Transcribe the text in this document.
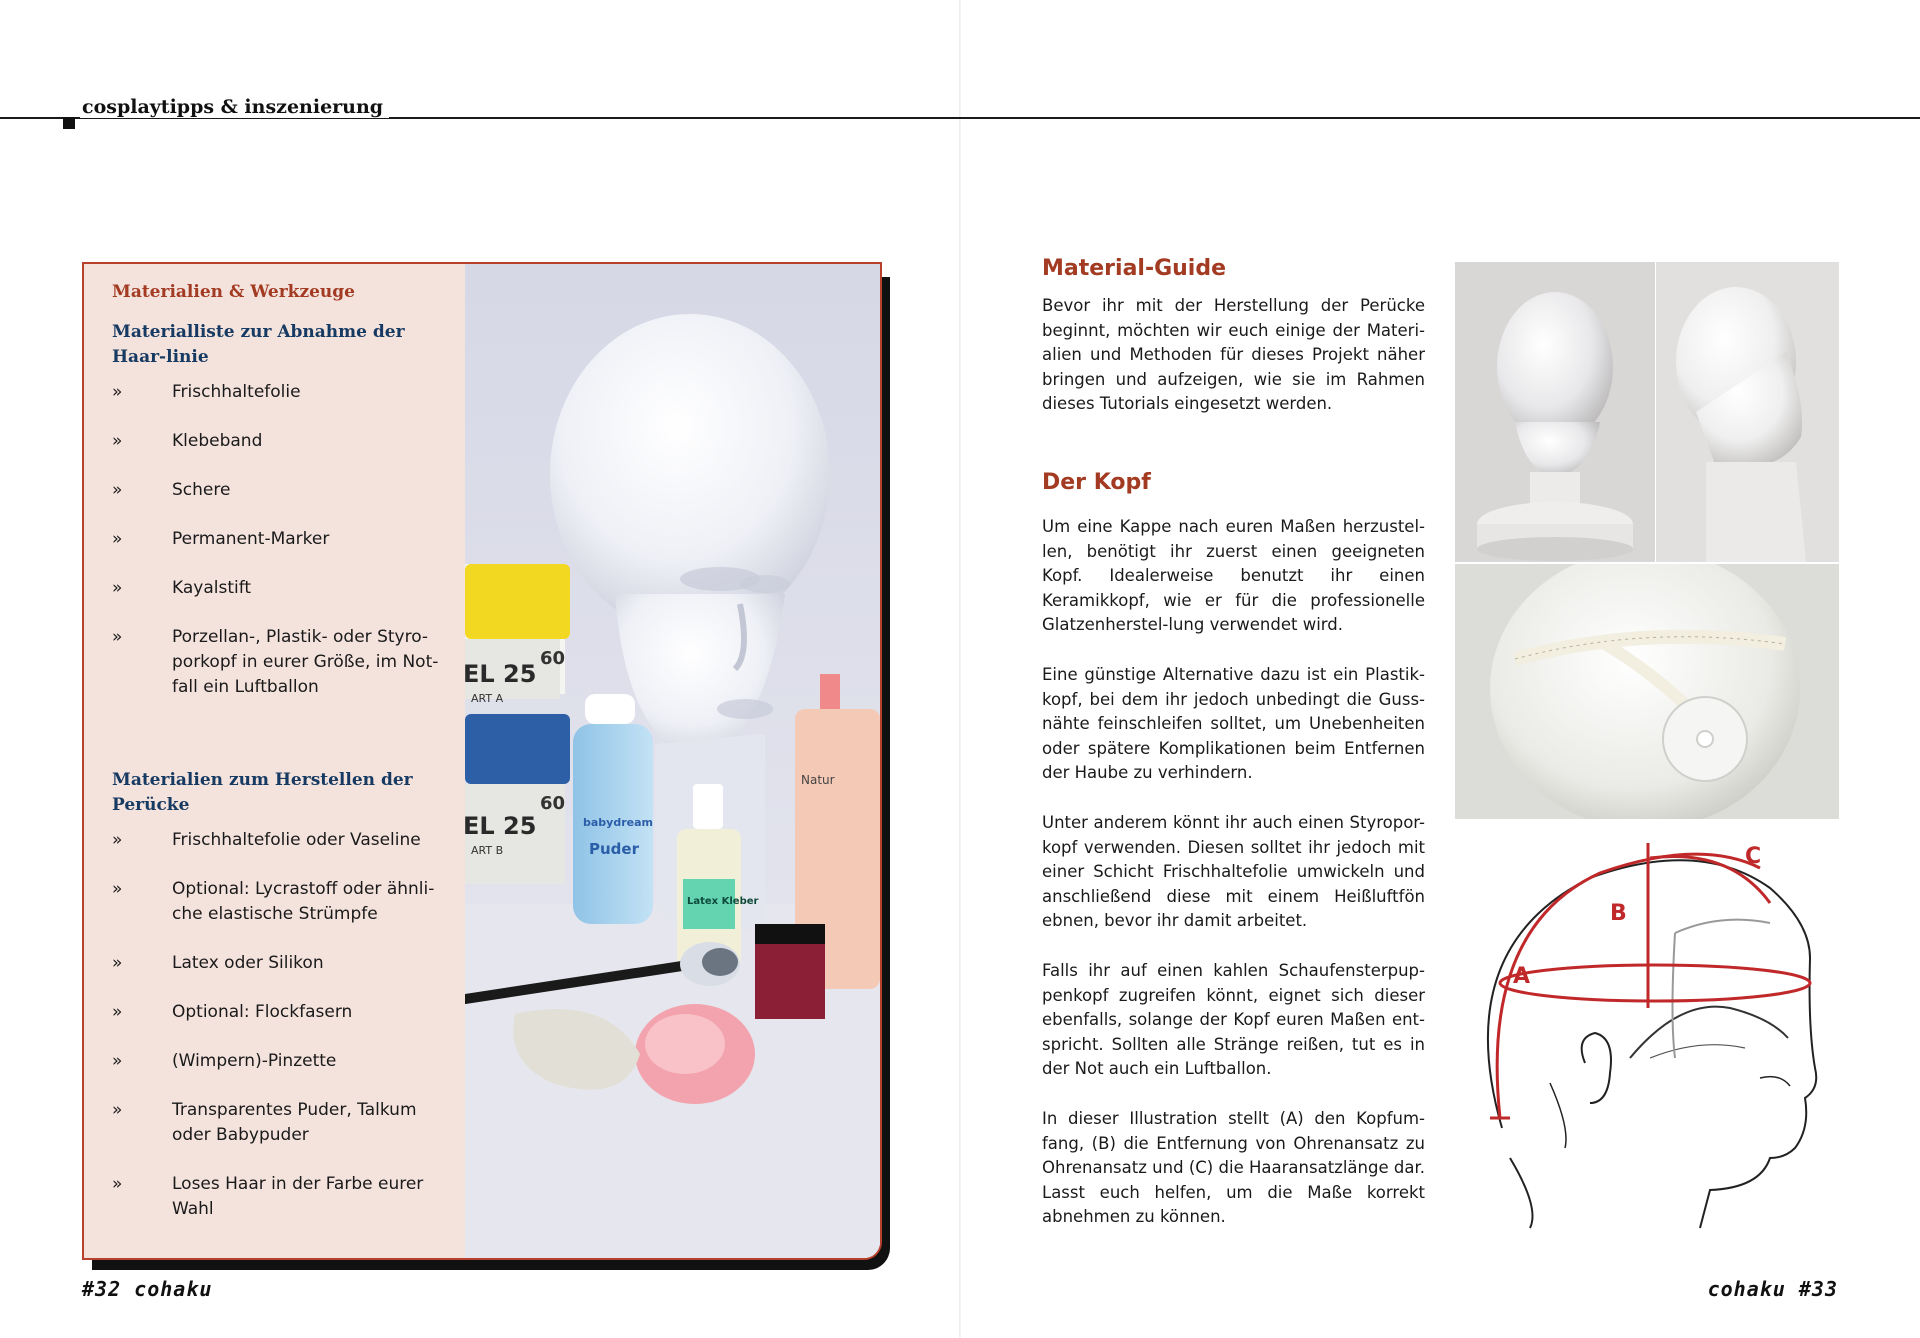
cosplaytipps & inszenierung
Materialien & Werkzeuge
Materialliste zur Abnahme der Haar-linie
»	Frischhaltefolie
»	Klebeband
»	Schere
»	Permanent-Marker
»	Kayalstift
»	Porzellan-, Plastik- oder Styro-porkopf in eurer Größe, im Not-fall ein Luftballon
Materialien zum Herstellen der Perücke
»	Frischhaltefolie oder Vaseline
»	Optional: Lycrastoff oder ähnli-che elastische Strümpfe
»	Latex oder Silikon
»	Optional: Flockfasern
»	(Wimpern)-Pinzette
»	Transparentes Puder, Talkum oder Babypuder
»	Loses Haar in der Farbe eurer Wahl
60
EL 25
ART A
60
EL 25
ART B
babydream
Puder
Latex Kleber
Natur
Material-Guide
Bevor ihr mit der Herstellung der Perücke beginnt, möchten wir euch einige der Materi-alien und Methoden für dieses Projekt näher bringen und aufzeigen, wie sie im Rahmen dieses Tutorials eingesetzt werden.
Der Kopf
Um eine Kappe nach euren Maßen herzustel-len, benötigt ihr zuerst einen geeigneten Kopf. Idealerweise benutzt ihr einen Keramikkopf, wie er für die professionelle Glatzenherstel-lung verwendet wird.
Eine günstige Alternative dazu ist ein Plastik-kopf, bei dem ihr jedoch unbedingt die Guss-nähte feinschleifen solltet, um Unebenheiten oder spätere Komplikationen beim Entfernen der Haube zu verhindern.
Unter anderem könnt ihr auch einen Styropor-kopf verwenden. Diesen solltet ihr jedoch mit einer Schicht Frischhaltefolie umwickeln und anschließend diese mit einem Heißluftfön ebnen, bevor ihr damit arbeitet.
Falls ihr auf einen kahlen Schaufensterpup-penkopf zugreifen könnt, eignet sich dieser ebenfalls, solange der Kopf euren Maßen ent-spricht. Sollten alle Stränge reißen, tut es in der Not auch ein Luftballon.
In dieser Illustration stellt (A) den Kopfum-fang, (B) die Entfernung von Ohrenansatz zu Ohrenansatz und (C) die Haaransatzlänge dar. Lasst euch helfen, um die Maße korrekt abnehmen zu können.
A
B
C
#32 cohaku	cohaku #33
